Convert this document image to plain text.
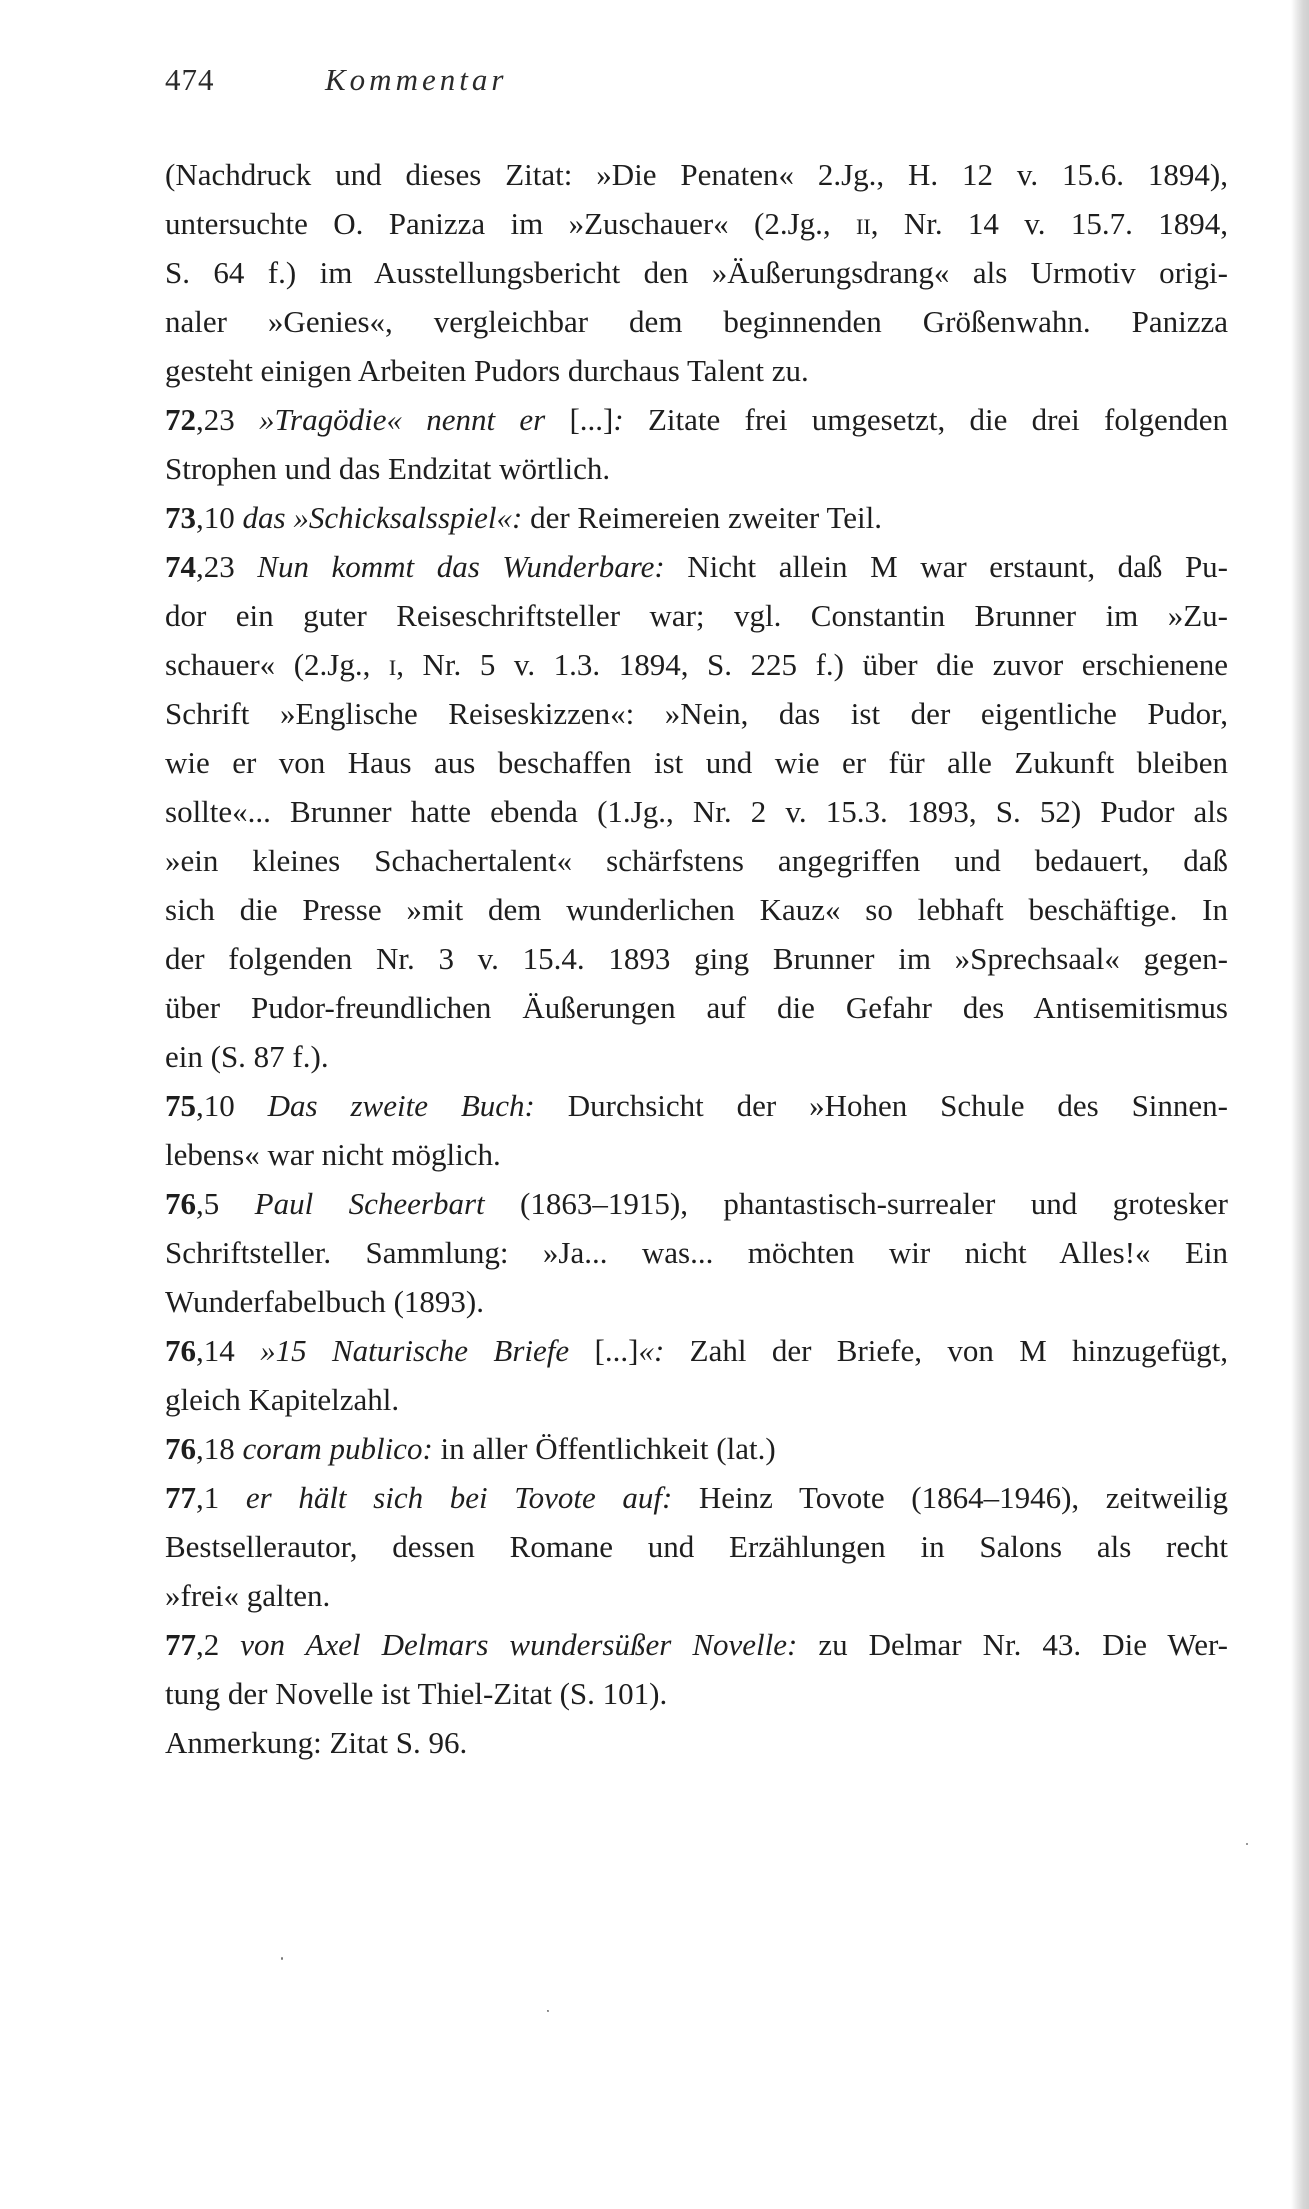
474	Kommentar
(Nachdruck und dieses Zitat: »Die Penaten« 2.Jg., H. 12 v. 15.6. 1894),
untersuchte O. Panizza im »Zuschauer« (2.Jg., ii, Nr. 14 v. 15.7. 1894,
S. 64 f.) im Ausstellungsbericht den »Äußerungsdrang« als Urmotiv origi-
naler »Genies«, vergleichbar dem beginnenden Größenwahn. Panizza
gesteht einigen Arbeiten Pudors durchaus Talent zu.
72,23 »Tragödie« nennt er [...]: Zitate frei umgesetzt, die drei folgenden
Strophen und das Endzitat wörtlich.
73,10 das »Schicksalsspiel«: der Reimereien zweiter Teil.
74,23 Nun kommt das Wunderbare: Nicht allein M war erstaunt, daß Pu-
dor ein guter Reiseschriftsteller war; vgl. Constantin Brunner im »Zu-
schauer« (2.Jg., i, Nr. 5 v. 1.3. 1894, S. 225 f.) über die zuvor erschienene
Schrift »Englische Reiseskizzen«: »Nein, das ist der eigentliche Pudor,
wie er von Haus aus beschaffen ist und wie er für alle Zukunft bleiben
sollte«... Brunner hatte ebenda (1.Jg., Nr. 2 v. 15.3. 1893, S. 52) Pudor als
»ein kleines Schachertalent« schärfstens angegriffen und bedauert, daß
sich die Presse »mit dem wunderlichen Kauz« so lebhaft beschäftige. In
der folgenden Nr. 3 v. 15.4. 1893 ging Brunner im »Sprechsaal« gegen-
über Pudor-freundlichen Äußerungen auf die Gefahr des Antisemitismus
ein (S. 87 f.).
75,10 Das zweite Buch: Durchsicht der »Hohen Schule des Sinnen-
lebens« war nicht möglich.
76,5 Paul Scheerbart (1863–1915), phantastisch-surrealer und grotesker
Schriftsteller. Sammlung: »Ja... was... möchten wir nicht Alles!« Ein
Wunderfabelbuch (1893).
76,14 »15 Naturische Briefe [...]«: Zahl der Briefe, von M hinzugefügt,
gleich Kapitelzahl.
76,18 coram publico: in aller Öffentlichkeit (lat.)
77,1 er hält sich bei Tovote auf: Heinz Tovote (1864–1946), zeitweilig
Bestsellerautor, dessen Romane und Erzählungen in Salons als recht
»frei« galten.
77,2 von Axel Delmars wundersüßer Novelle: zu Delmar Nr. 43. Die Wer-
tung der Novelle ist Thiel-Zitat (S. 101).
Anmerkung: Zitat S. 96.
